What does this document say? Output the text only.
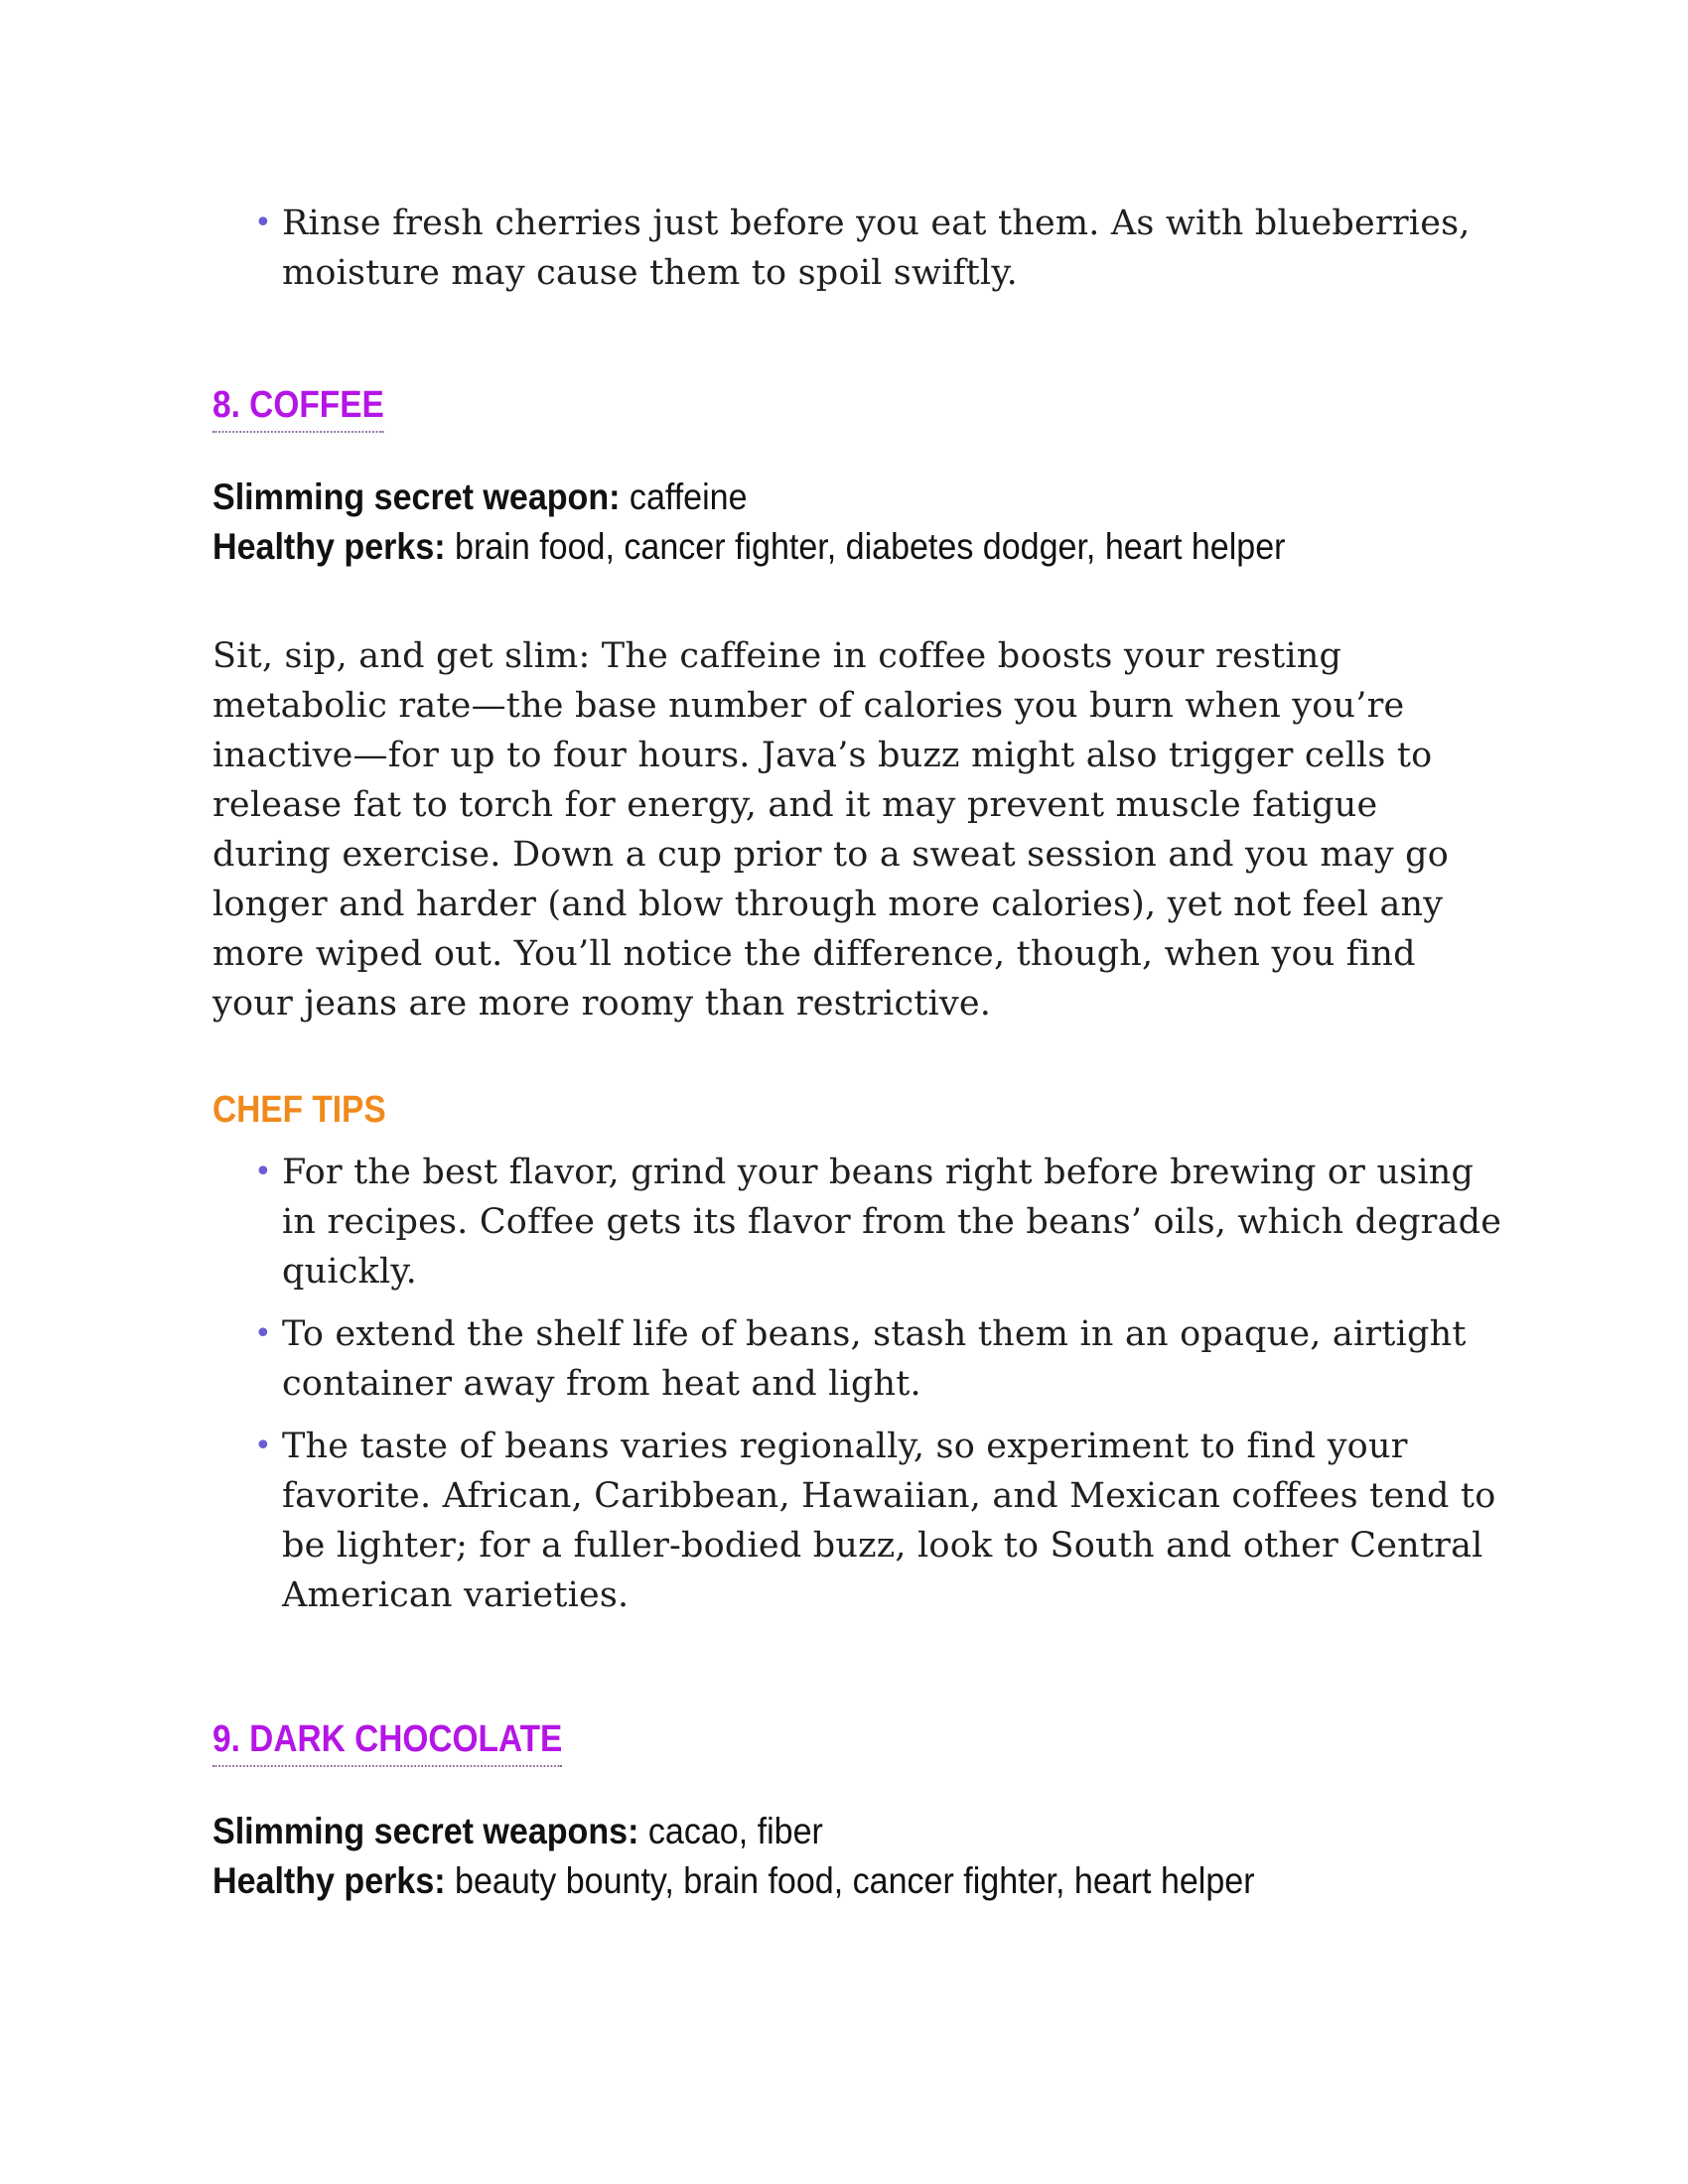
• Rinse fresh cherries just before you eat them. As with blueberries, moisture may cause them to spoil swiftly.
8. COFFEE
Slimming secret weapon: caffeine
Healthy perks: brain food, cancer fighter, diabetes dodger, heart helper

Sit, sip, and get slim: The caffeine in coffee boosts your resting metabolic rate—the base number of calories you burn when you’re inactive—for up to four hours. Java’s buzz might also trigger cells to release fat to torch for energy, and it may prevent muscle fatigue during exercise. Down a cup prior to a sweat session and you may go longer and harder (and blow through more calories), yet not feel any more wiped out. You’ll notice the difference, though, when you find your jeans are more roomy than restrictive.

CHEF TIPS
• For the best flavor, grind your beans right before brewing or using in recipes. Coffee gets its flavor from the beans’ oils, which degrade quickly.
• To extend the shelf life of beans, stash them in an opaque, airtight container away from heat and light.
• The taste of beans varies regionally, so experiment to find your favorite. African, Caribbean, Hawaiian, and Mexican coffees tend to be lighter; for a fuller-bodied buzz, look to South and other Central American varieties.
9. DARK CHOCOLATE
Slimming secret weapons: cacao, fiber
Healthy perks: beauty bounty, brain food, cancer fighter, heart helper
